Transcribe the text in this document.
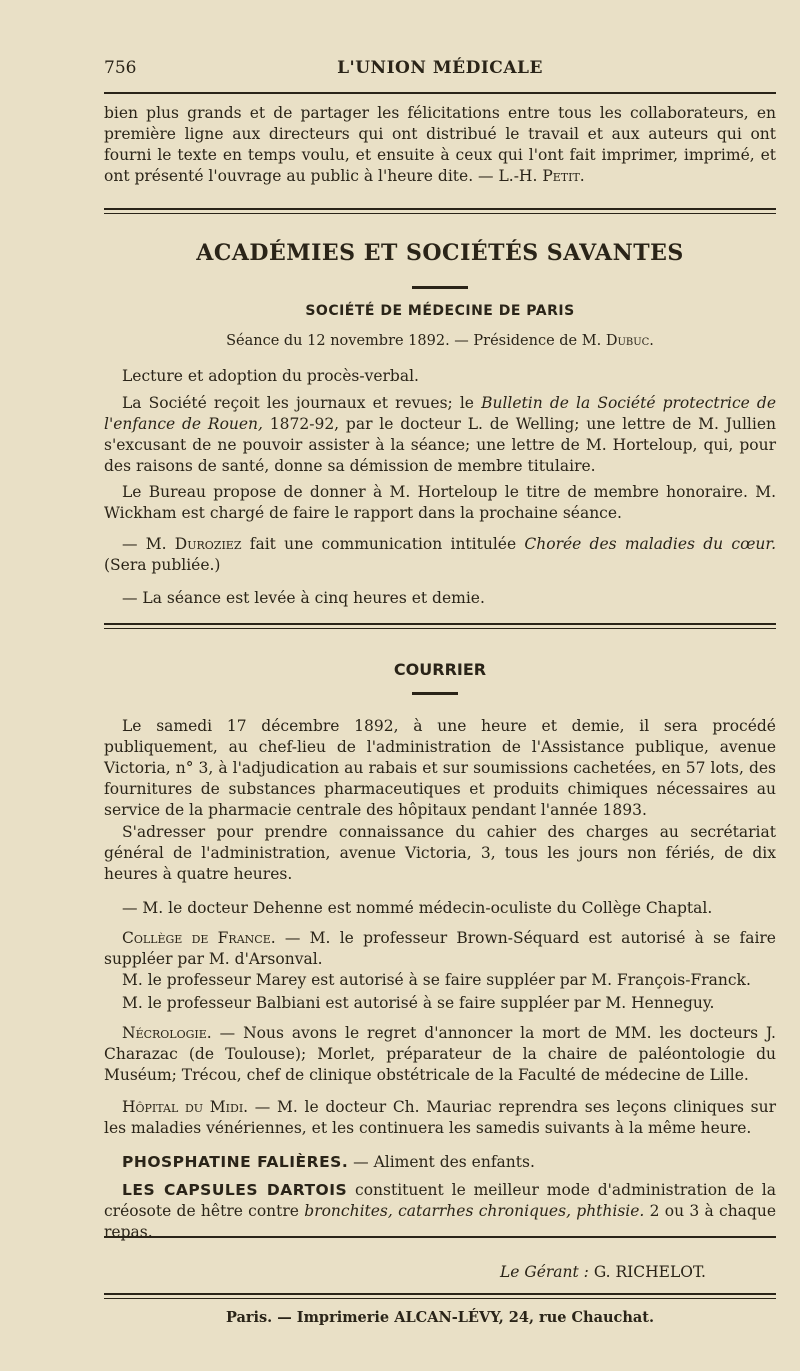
756	L'UNION MÉDICALE

bien plus grands et de partager les félicitations entre tous les collaborateurs, en première ligne aux directeurs qui ont distribué le travail et aux auteurs qui ont fourni le texte en temps voulu, et ensuite à ceux qui l'ont fait imprimer, imprimé, et ont présenté l'ouvrage au public à l'heure dite. — L.-H. Petit.

ACADÉMIES ET SOCIÉTÉS SAVANTES
SOCIÉTÉ DE MÉDECINE DE PARIS

Séance du 12 novembre 1892. — Présidence de M. Dubuc.

Lecture et adoption du procès-verbal.

La Société reçoit les journaux et revues; le Bulletin de la Société protectrice de l'enfance de Rouen, 1872-92, par le docteur L. de Welling; une lettre de M. Jullien s'excusant de ne pouvoir assister à la séance; une lettre de M. Horteloup, qui, pour des raisons de santé, donne sa démission de membre titulaire.

Le Bureau propose de donner à M. Horteloup le titre de membre honoraire. M. Wickham est chargé de faire le rapport dans la prochaine séance.

— M. Duroziez fait une communication intitulée Chorée des maladies du cœur. (Sera publiée.)

— La séance est levée à cinq heures et demie.

COURRIER

Le samedi 17 décembre 1892, à une heure et demie, il sera procédé publiquement, au chef-lieu de l'administration de l'Assistance publique, avenue Victoria, n° 3, à l'adjudication au rabais et sur soumissions cachetées, en 57 lots, des fournitures de substances pharmaceutiques et produits chimiques nécessaires au service de la pharmacie centrale des hôpitaux pendant l'année 1893.

S'adresser pour prendre connaissance du cahier des charges au secrétariat général de l'administration, avenue Victoria, 3, tous les jours non fériés, de dix heures à quatre heures.

— M. le docteur Dehenne est nommé médecin-oculiste du Collège Chaptal.

Collège de France. — M. le professeur Brown-Séquard est autorisé à se faire suppléer par M. d'Arsonval.

M. le professeur Marey est autorisé à se faire suppléer par M. François-Franck.

M. le professeur Balbiani est autorisé à se faire suppléer par M. Henneguy.

Nécrologie. — Nous avons le regret d'annoncer la mort de MM. les docteurs J. Charazac (de Toulouse); Morlet, préparateur de la chaire de paléontologie du Muséum; Trécou, chef de clinique obstétricale de la Faculté de médecine de Lille.

Hôpital du Midi. — M. le docteur Ch. Mauriac reprendra ses leçons cliniques sur les maladies vénériennes, et les continuera les samedis suivants à la même heure.

PHOSPHATINE FALIÈRES. — Aliment des enfants.

LES CAPSULES DARTOIS constituent le meilleur mode d'administration de la créosote de hêtre contre bronchites, catarrhes chroniques, phthisie. 2 ou 3 à chaque repas.

Le Gérant : G. RICHELOT.

Paris. — Imprimerie ALCAN-LÉVY, 24, rue Chauchat.
